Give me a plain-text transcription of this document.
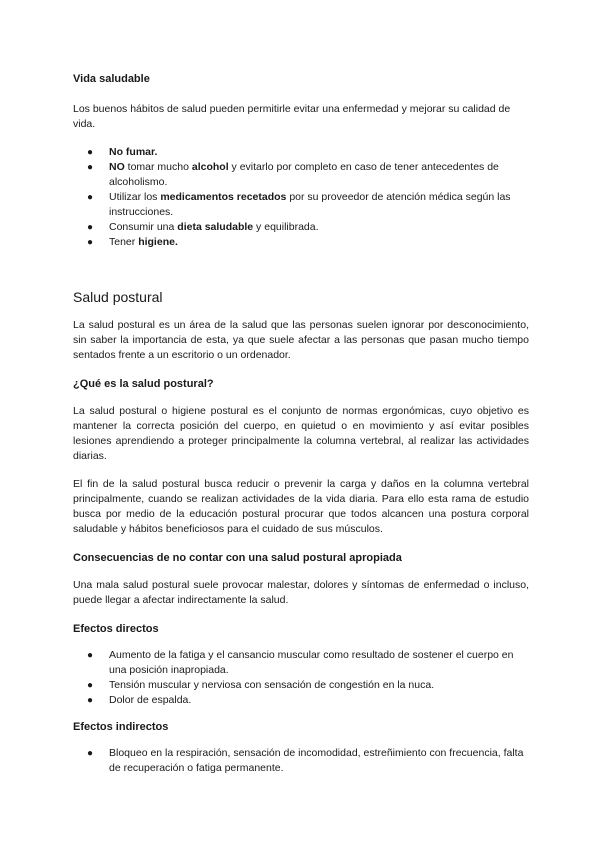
Vida saludable

Los buenos hábitos de salud pueden permitirle evitar una enfermedad y mejorar su calidad de vida.

● No fumar.
● NO tomar mucho alcohol y evitarlo por completo en caso de tener antecedentes de alcoholismo.
● Utilizar los medicamentos recetados por su proveedor de atención médica según las instrucciones.
● Consumir una dieta saludable y equilibrada.
● Tener higiene.
Salud postural

La salud postural es un área de la salud que las personas suelen ignorar por desconocimiento, sin saber la importancia de esta, ya que suele afectar a las personas que pasan mucho tiempo sentados frente a un escritorio o un ordenador.

¿Qué es la salud postural?

La salud postural o higiene postural es el conjunto de normas ergonómicas, cuyo objetivo es mantener la correcta posición del cuerpo, en quietud o en movimiento y así evitar posibles lesiones aprendiendo a proteger principalmente la columna vertebral, al realizar las actividades diarias.

El fin de la salud postural busca reducir o prevenir la carga y daños en la columna vertebral principalmente, cuando se realizan actividades de la vida diaria. Para ello esta rama de estudio busca por medio de la educación postural procurar que todos alcancen una postura corporal saludable y hábitos beneficiosos para el cuidado de sus músculos.

Consecuencias de no contar con una salud postural apropiada

Una mala salud postural suele provocar malestar, dolores y síntomas de enfermedad o incluso, puede llegar a afectar indirectamente la salud.

Efectos directos
● Aumento de la fatiga y el cansancio muscular como resultado de sostener el cuerpo en una posición inapropiada.
● Tensión muscular y nerviosa con sensación de congestión en la nuca.
● Dolor de espalda.
Efectos indirectos
● Bloqueo en la respiración, sensación de incomodidad, estreñimiento con frecuencia, falta de recuperación o fatiga permanente.
